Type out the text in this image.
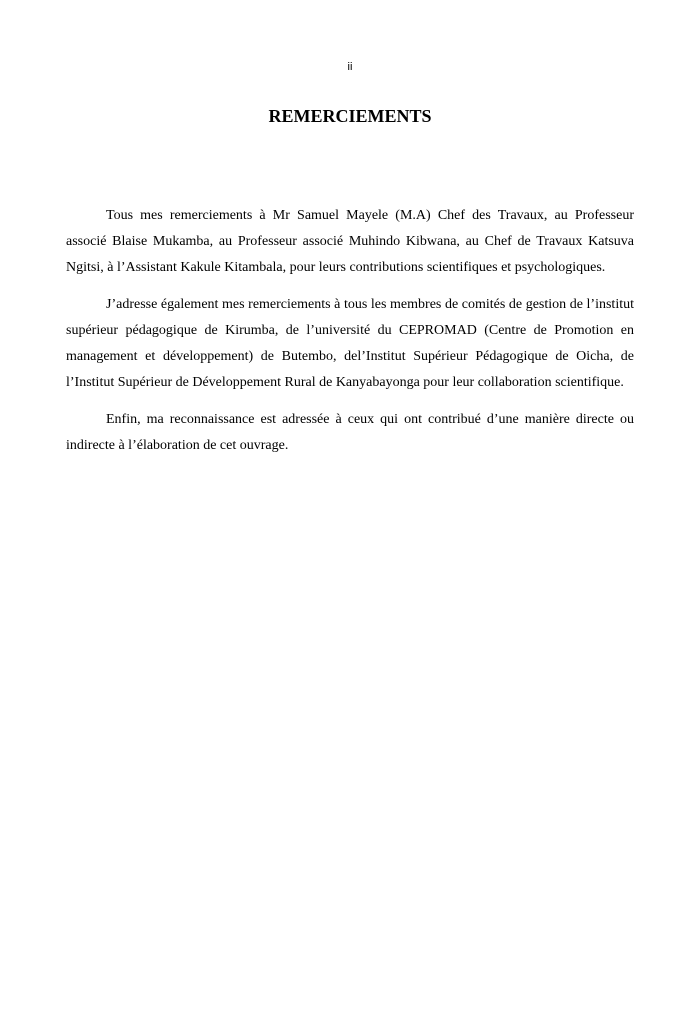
ii
REMERCIEMENTS

Tous mes remerciements à Mr Samuel Mayele (M.A) Chef des Travaux, au Professeur associé Blaise Mukamba, au Professeur associé Muhindo Kibwana, au Chef de Travaux Katsuva Ngitsi, à l’Assistant Kakule Kitambala, pour leurs contributions scientifiques et psychologiques.

J’adresse également mes remerciements à tous les membres de comités de gestion de l’institut supérieur pédagogique de Kirumba, de l’université du CEPROMAD (Centre de Promotion en management et développement) de Butembo, del’Institut Supérieur Pédagogique de Oicha, de l’Institut Supérieur de Développement Rural de Kanyabayonga pour leur collaboration scientifique.

Enfin, ma reconnaissance est adressée à ceux qui ont contribué d’une manière directe ou indirecte à l’élaboration de cet ouvrage.
